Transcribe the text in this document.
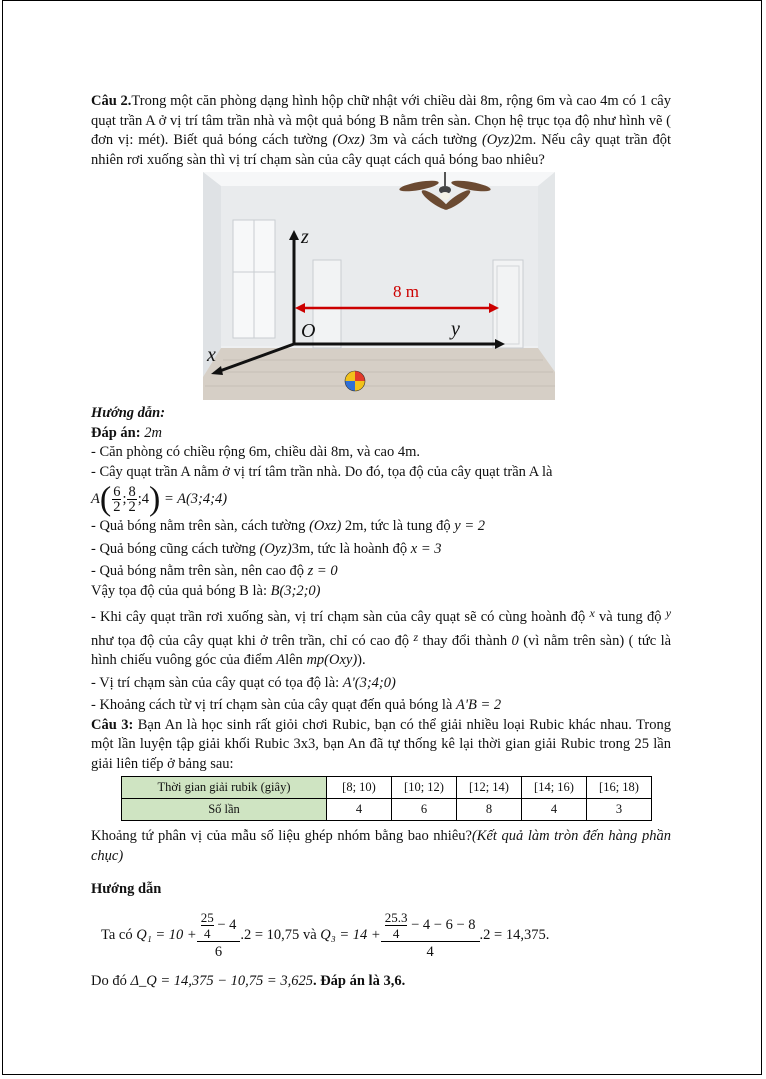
Câu 2.Trong một căn phòng dạng hình hộp chữ nhật với chiều dài 8m, rộng 6m và cao 4m có 1 cây quạt trần A ở vị trí tâm trần nhà và một quả bóng B nằm trên sàn. Chọn hệ trục tọa độ như hình vẽ ( đơn vị: mét). Biết quả bóng cách tường (Oxz) 3m và cách tường (Oyz)2m. Nếu cây quạt trần đột nhiên rơi xuống sàn thì vị trí chạm sàn của cây quạt cách quả bóng bao nhiêu?

z
y
x
O
8 m

Hướng dẫn:

Đáp án: 2m

- Căn phòng có chiều rộng 6m, chiều dài 8m, và cao 4m.

- Cây quạt trần A nằm ở vị trí tâm trần nhà. Do đó, tọa độ của cây quạt trần A là

$A( \frac{6}{2}$ ; $\frac{8}{2}$ ;4) = A(3;4;4)

- Quả bóng nằm trên sàn, cách tường (Oxz) 2m, tức là tung độ y = 2

- Quả bóng cũng cách tường (Oyz)3m, tức là hoành độ x = 3

- Quả bóng nằm trên sàn, nên cao độ z = 0

Vậy tọa độ của quả bóng B là: B(3;2;0)

- Khi cây quạt trần rơi xuống sàn, vị trí chạm sàn của cây quạt sẽ có cùng hoành độ $^x$ và tung độ $^y$ như tọa độ của cây quạt khi ở trên trần, chỉ có cao độ $^z$ thay đổi thành 0 (vì nằm trên sàn) ( tức là hình chiếu vuông góc của điểm Alên mp(Oxy)).

- Vị trí chạm sàn của cây quạt có tọa độ là: A'(3;4;0)

- Khoảng cách từ vị trí chạm sàn của cây quạt đến quả bóng là A'B = 2

Câu 3: Bạn An là học sinh rất giỏi chơi Rubic, bạn có thể giải nhiều loại Rubic khác nhau. Trong một lần luyện tập giải khối Rubic 3x3, bạn An đã tự thống kê lại thời gian giải Rubic trong 25 lần giải liên tiếp ở bảng sau:

Thời gian giải rubik (giây)	[8; 10)	[10; 12)	[12; 14)	[14; 16)	[16; 18)
Số lần	4	6	8	4	3

Khoảng tứ phân vị của mẫu số liệu ghép nhóm bằng bao nhiêu?(Kết quả làm tròn đến hàng phần chục)

Hướng dẫn

Ta có
$Q_1 = 10 + \frac{\frac{25}{4} - 4}{6} .2 = 10,75$
và
$Q_3 = 14 + \frac{\frac{25.3}{4} - 4 - 6 - 8}{4} .2 = 14,375$.

Do đó Δ_Q = 14,375 − 10,75 = 3,625. Đáp án là 3,6.
